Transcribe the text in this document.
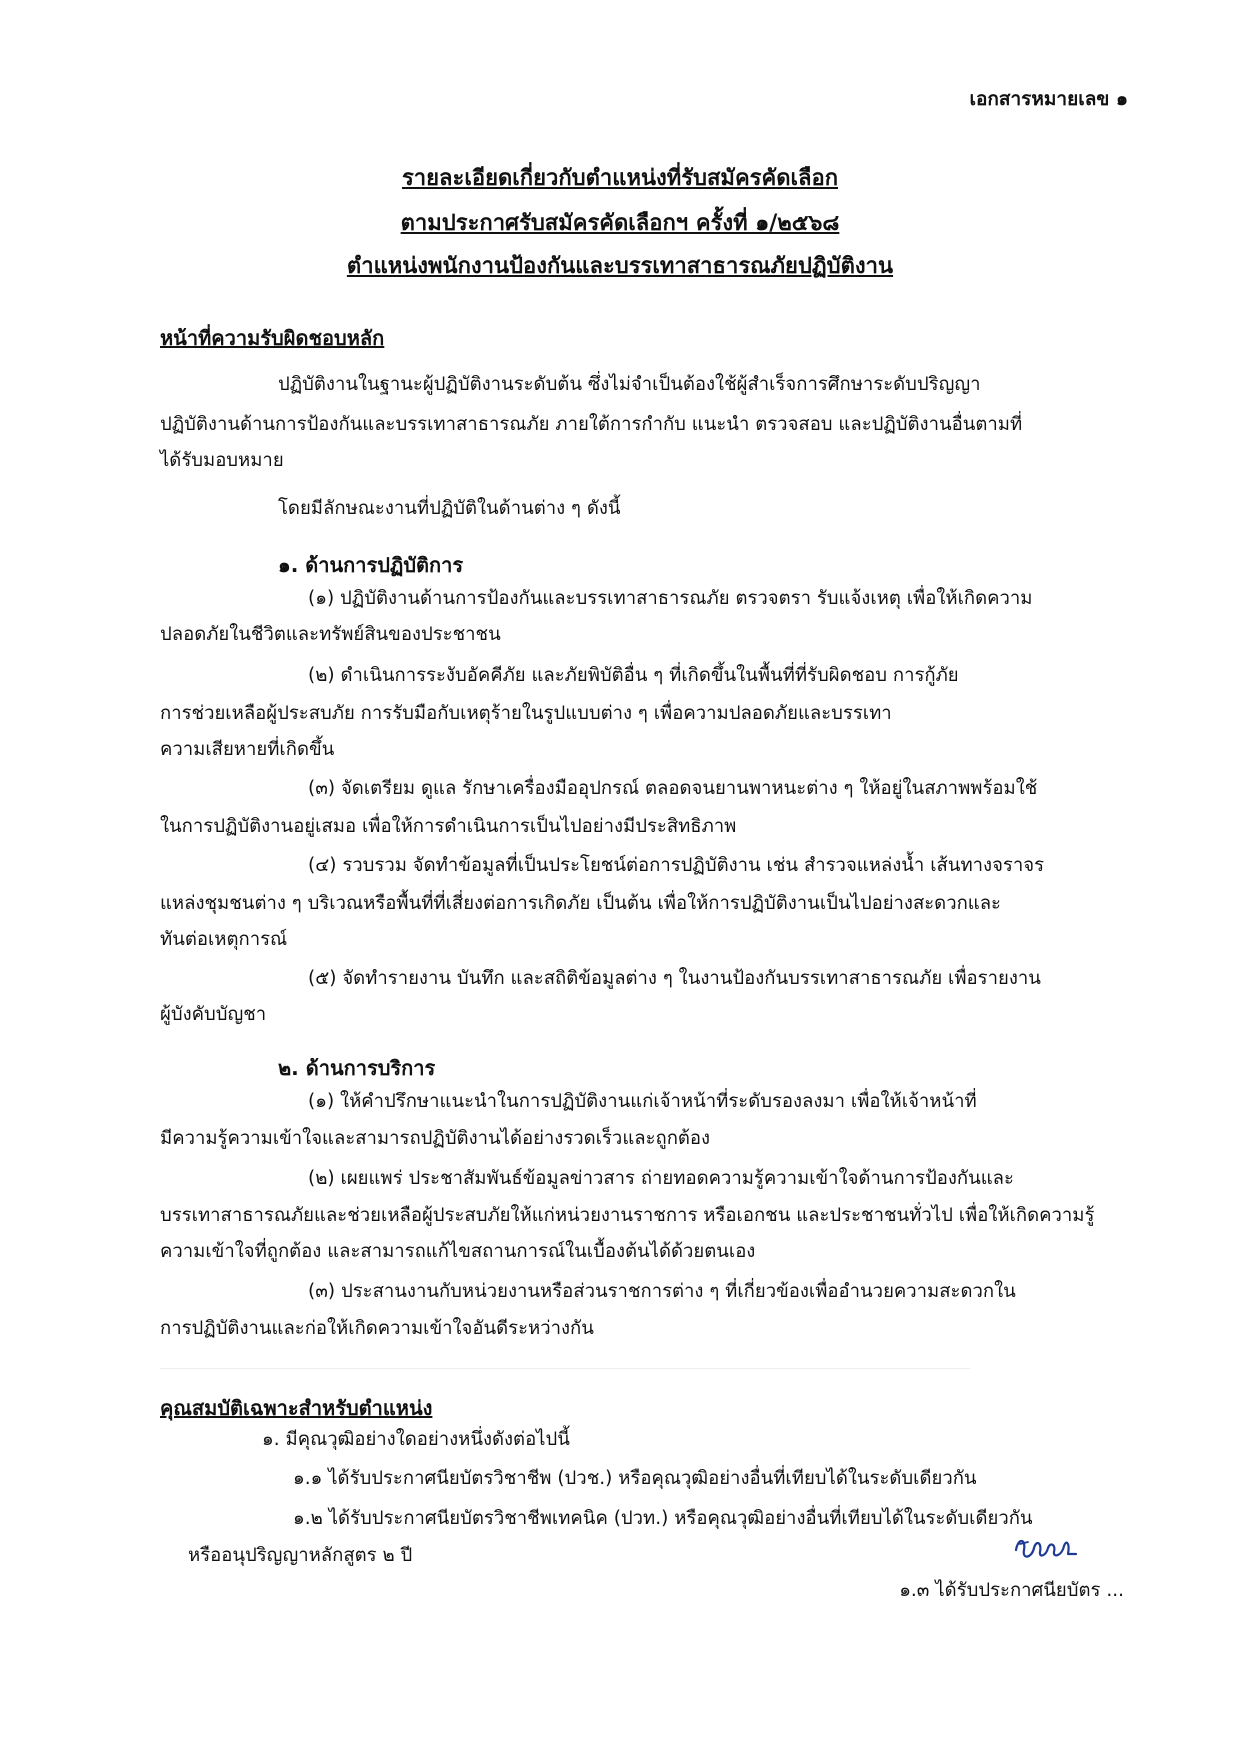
เอกสารหมายเลข ๑
รายละเอียดเกี่ยวกับตำแหน่งที่รับสมัครคัดเลือก
ตามประกาศรับสมัครคัดเลือกฯ ครั้งที่ ๑/๒๕๖๘
ตำแหน่งพนักงานป้องกันและบรรเทาสาธารณภัยปฏิบัติงาน
หน้าที่ความรับผิดชอบหลัก
ปฏิบัติงานในฐานะผู้ปฏิบัติงานระดับต้น ซึ่งไม่จำเป็นต้องใช้ผู้สำเร็จการศึกษาระดับปริญญา
ปฏิบัติงานด้านการป้องกันและบรรเทาสาธารณภัย ภายใต้การกำกับ แนะนำ ตรวจสอบ และปฏิบัติงานอื่นตามที่
ได้รับมอบหมาย
โดยมีลักษณะงานที่ปฏิบัติในด้านต่าง ๆ ดังนี้
๑. ด้านการปฏิบัติการ
(๑) ปฏิบัติงานด้านการป้องกันและบรรเทาสาธารณภัย ตรวจตรา รับแจ้งเหตุ เพื่อให้เกิดความ
ปลอดภัยในชีวิตและทรัพย์สินของประชาชน
(๒) ดำเนินการระงับอัคคีภัย และภัยพิบัติอื่น ๆ ที่เกิดขึ้นในพื้นที่ที่รับผิดชอบ การกู้ภัย
การช่วยเหลือผู้ประสบภัย การรับมือกับเหตุร้ายในรูปแบบต่าง ๆ เพื่อความปลอดภัยและบรรเทา
ความเสียหายที่เกิดขึ้น
(๓) จัดเตรียม ดูแล รักษาเครื่องมืออุปกรณ์ ตลอดจนยานพาหนะต่าง ๆ ให้อยู่ในสภาพพร้อมใช้
ในการปฏิบัติงานอยู่เสมอ เพื่อให้การดำเนินการเป็นไปอย่างมีประสิทธิภาพ
(๔) รวบรวม จัดทำข้อมูลที่เป็นประโยชน์ต่อการปฏิบัติงาน เช่น สำรวจแหล่งน้ำ เส้นทางจราจร
แหล่งชุมชนต่าง ๆ บริเวณหรือพื้นที่ที่เสี่ยงต่อการเกิดภัย เป็นต้น เพื่อให้การปฏิบัติงานเป็นไปอย่างสะดวกและ
ทันต่อเหตุการณ์
(๕) จัดทำรายงาน บันทึก และสถิติข้อมูลต่าง ๆ ในงานป้องกันบรรเทาสาธารณภัย เพื่อรายงาน
ผู้บังคับบัญชา
๒. ด้านการบริการ
(๑) ให้คำปรึกษาแนะนำในการปฏิบัติงานแก่เจ้าหน้าที่ระดับรองลงมา เพื่อให้เจ้าหน้าที่
มีความรู้ความเข้าใจและสามารถปฏิบัติงานได้อย่างรวดเร็วและถูกต้อง
(๒) เผยแพร่ ประชาสัมพันธ์ข้อมูลข่าวสาร ถ่ายทอดความรู้ความเข้าใจด้านการป้องกันและ
บรรเทาสาธารณภัยและช่วยเหลือผู้ประสบภัยให้แก่หน่วยงานราชการ หรือเอกชน และประชาชนทั่วไป เพื่อให้เกิดความรู้
ความเข้าใจที่ถูกต้อง และสามารถแก้ไขสถานการณ์ในเบื้องต้นได้ด้วยตนเอง
(๓) ประสานงานกับหน่วยงานหรือส่วนราชการต่าง ๆ ที่เกี่ยวข้องเพื่ออำนวยความสะดวกใน
การปฏิบัติงานและก่อให้เกิดความเข้าใจอันดีระหว่างกัน
คุณสมบัติเฉพาะสำหรับตำแหน่ง
๑. มีคุณวุฒิอย่างใดอย่างหนึ่งดังต่อไปนี้
๑.๑ ได้รับประกาศนียบัตรวิชาชีพ (ปวช.) หรือคุณวุฒิอย่างอื่นที่เทียบได้ในระดับเดียวกัน
๑.๒ ได้รับประกาศนียบัตรวิชาชีพเทคนิค (ปวท.) หรือคุณวุฒิอย่างอื่นที่เทียบได้ในระดับเดียวกัน
หรืออนุปริญญาหลักสูตร ๒ ปี
๑.๓ ได้รับประกาศนียบัตร ...
